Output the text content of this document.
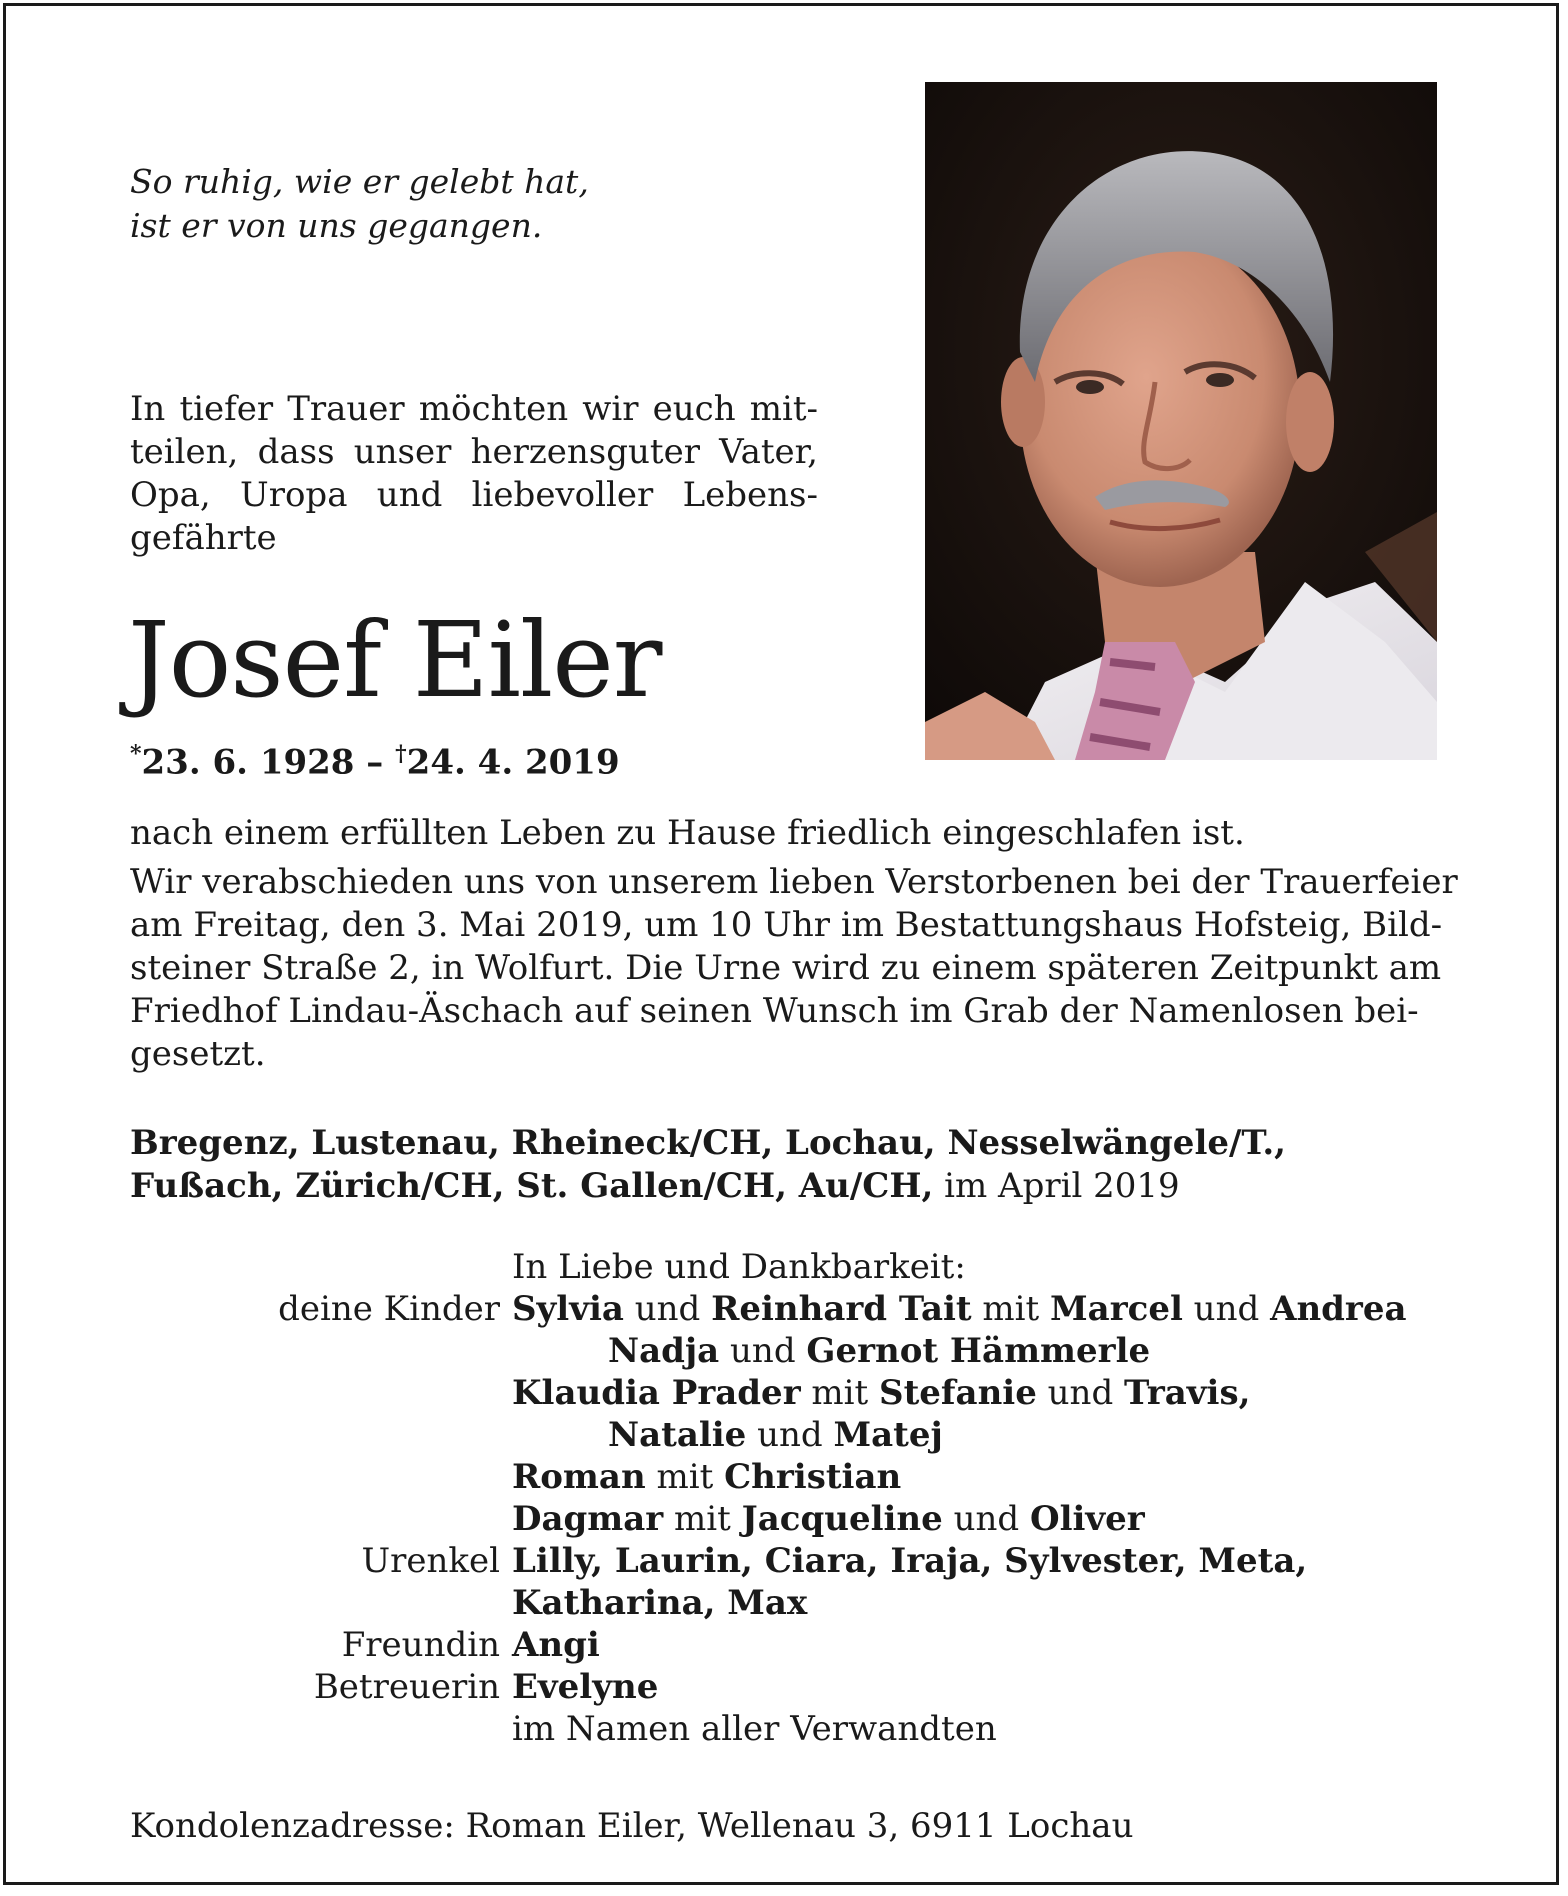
So ruhig, wie er gelebt hat,
ist er von uns gegangen.
In tiefer Trauer möchten wir euch mit-
teilen, dass unser herzensguter Vater,
Opa, Uropa und liebevoller Lebens-
gefährte
Josef Eiler
*23. 6. 1928 – †24. 4. 2019
nach einem erfüllten Leben zu Hause friedlich eingeschlafen ist.
Wir verabschieden uns von unserem lieben Verstorbenen bei der Trauerfeier
am Freitag, den 3. Mai 2019, um 10 Uhr im Bestattungshaus Hofsteig, Bild-
steiner Straße 2, in Wolfurt. Die Urne wird zu einem späteren Zeitpunkt am
Friedhof Lindau-Äschach auf seinen Wunsch im Grab der Namenlosen bei-
gesetzt.
Bregenz, Lustenau, Rheineck/CH, Lochau, Nesselwängele/T.,
Fußach, Zürich/CH, St. Gallen/CH, Au/CH, im April 2019
In Liebe und Dankbarkeit:
deine Kinder Sylvia und Reinhard Tait mit Marcel und Andrea
Nadja und Gernot Hämmerle
Klaudia Prader mit Stefanie und Travis,
Natalie und Matej
Roman mit Christian
Dagmar mit Jacqueline und Oliver
Urenkel Lilly, Laurin, Ciara, Iraja, Sylvester, Meta,
Katharina, Max
Freundin Angi
Betreuerin Evelyne
im Namen aller Verwandten
Kondolenzadresse: Roman Eiler, Wellenau 3, 6911 Lochau
